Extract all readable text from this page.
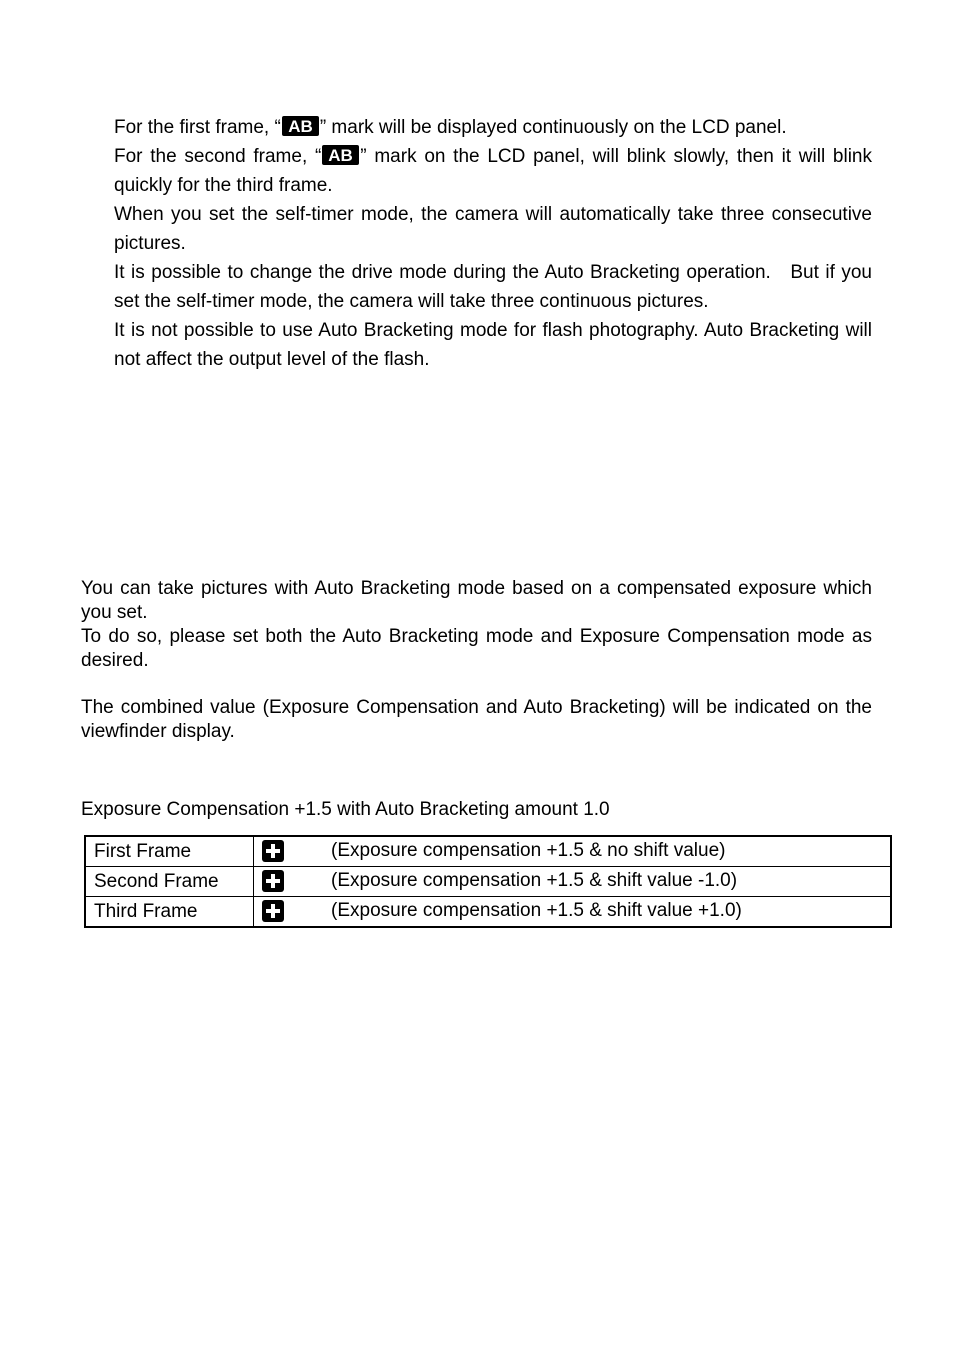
For the first frame, “ AB ” mark will be displayed continuously on the LCD panel.
For the second frame, “ AB ” mark on the LCD panel, will blink slowly, then it will blink quickly for the third frame.
When you set the self-timer mode, the camera will automatically take three consecutive pictures.
It is possible to change the drive mode during the Auto Bracketing operation.   But if you set the self-timer mode, the camera will take three continuous pictures.
It is not possible to use Auto Bracketing mode for flash photography. Auto Bracketing will not affect the output level of the flash.
You can take pictures with Auto Bracketing mode based on a compensated exposure which you set.
To do so, please set both the Auto Bracketing mode and Exposure Compensation mode as desired.
The combined value (Exposure Compensation and Auto Bracketing) will be indicated on the viewfinder display.
Exposure Compensation +1.5 with Auto Bracketing amount 1.0
First Frame	(Exposure compensation +1.5 & no shift value)
Second Frame	(Exposure compensation +1.5 & shift value -1.0)
Third Frame	(Exposure compensation +1.5 & shift value +1.0)
